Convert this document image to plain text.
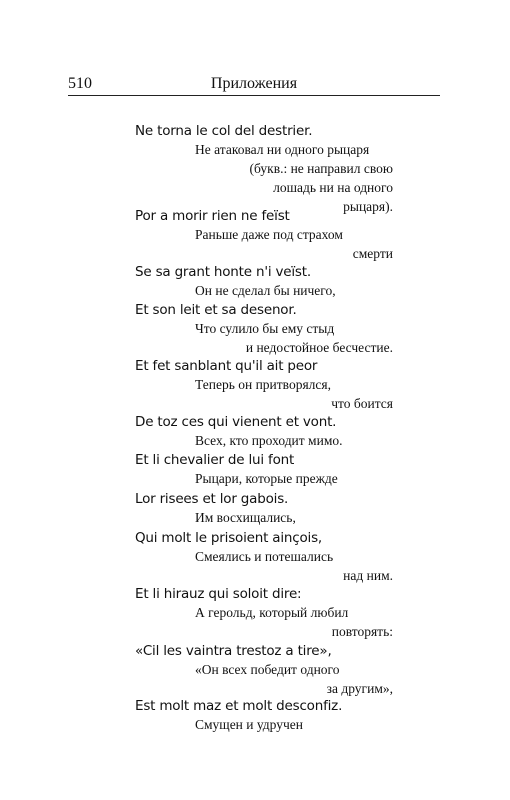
510	Приложения
Ne torna le col del destrier.
Не атаковал ни одного рыцаря
(букв.: не направил свою
лошадь ни на одного
рыцаря).
Por a morir rien ne feïst
Раньше даже под страхом
смерти
Se sa grant honte n'i veïst.
Он не сделал бы ничего,
Et son leit et sa desenor.
Что сулило бы ему стыд
и недостойное бесчестие.
Et fet sanblant qu'il ait peor
Теперь он притворялся,
что боится
De toz ces qui vienent et vont.
Всех, кто проходит мимо.
Et li chevalier de lui font
Рыцари, которые прежде
Lor risees et lor gabois.
Им восхищались,
Qui molt le prisoient ainçois,
Смеялись и потешались
над ним.
Et li hirauz qui soloit dire:
А герольд, который любил
повторять:
«Cil les vaintra trestoz a tire»,
«Он всех победит одного
за другим»,
Est molt maz et molt desconfiz.
Смущен и удручен
